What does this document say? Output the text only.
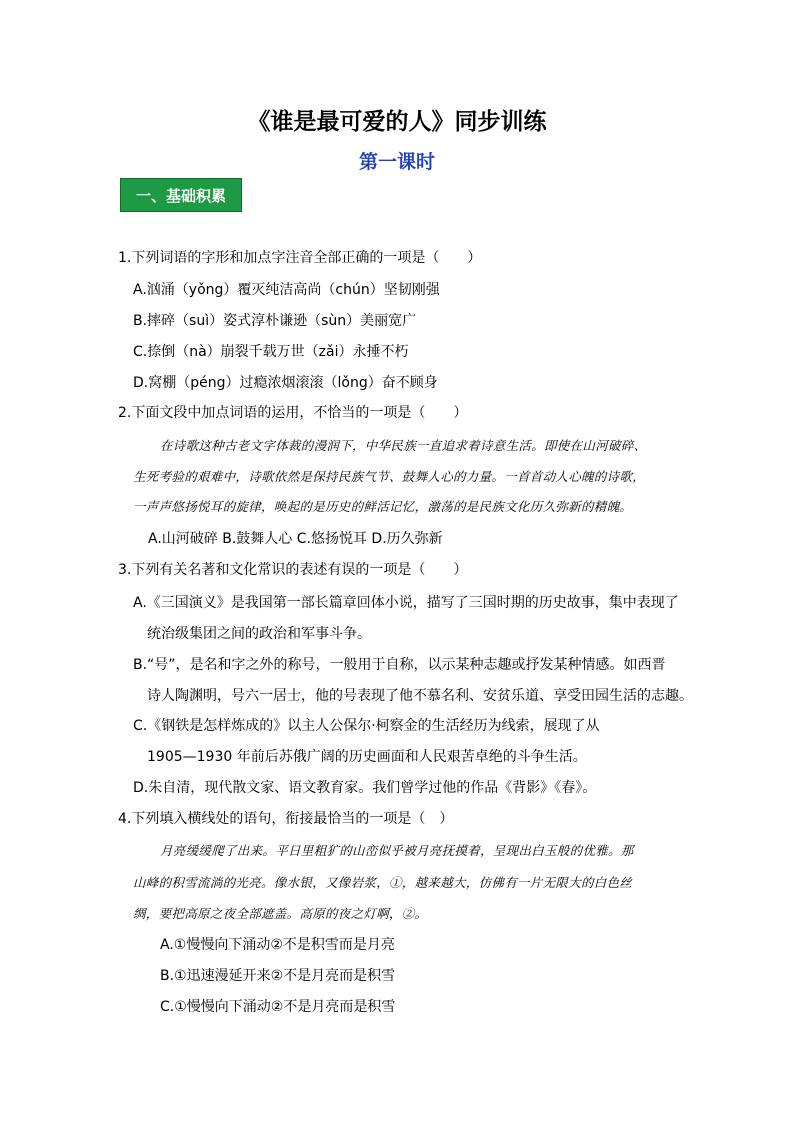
《谁是最可爱的人》同步训练
第一课时
一、基础积累
1.下列词语的字形和加点字注音全部正确的一项是（　　）
A.汹涌（yǒng）覆灭纯洁高尚（chún）坚韧刚强
B.摔碎（suì）姿式淳朴谦逊（sùn）美丽宽广
C.捺倒（nà）崩裂千载万世（zǎi）永捶不朽
D.窝棚（péng）过瘾浓烟滚滚（lǒng）奋不顾身
2.下面文段中加点词语的运用，不恰当的一项是（　　）
在诗歌这种古老文字体裁的漫润下，中华民族一直追求着诗意生活。即使在山河破碎、
生死考验的艰难中，诗歌依然是保持民族气节、鼓舞人心的力量。一首首动人心魄的诗歌，
一声声悠扬悦耳的旋律，唤起的是历史的鲜活记忆，激荡的是民族文化历久弥新的精魄。
A.山河破碎 B.鼓舞人心 C.悠扬悦耳 D.历久弥新
3.下列有关名著和文化常识的表述有误的一项是（　　）
A.《三国演义》是我国第一部长篇章回体小说，描写了三国时期的历史故事，集中表现了
统治级集团之间的政治和军事斗争。
B.“号”，是名和字之外的称号，一般用于自称，以示某种志趣或抒发某种情感。如西晋
诗人陶渊明，号六一居士，他的号表现了他不慕名利、安贫乐道、享受田园生活的志趣。
C.《钢铁是怎样炼成的》以主人公保尔·柯察金的生活经历为线索，展现了从
1905—1930 年前后苏俄广阔的历史画面和人民艰苦卓绝的斗争生活。
D.朱自清，现代散文家、语文教育家。我们曾学过他的作品《背影》《春》。
4.下列填入横线处的语句，衔接最恰当的一项是（　）
月亮缓缓爬了出来。平日里粗犷的山峦似乎被月亮抚摸着，呈现出白玉般的优雅。那
山峰的积雪流淌的光亮。像水银，又像岩浆，①，越来越大，仿佛有一片无限大的白色丝
绸，要把高原之夜全部遮盖。高原的夜之灯啊，②。
A.①慢慢向下涌动②不是积雪而是月亮
B.①迅速漫延开来②不是月亮而是积雪
C.①慢慢向下涌动②不是月亮而是积雪
